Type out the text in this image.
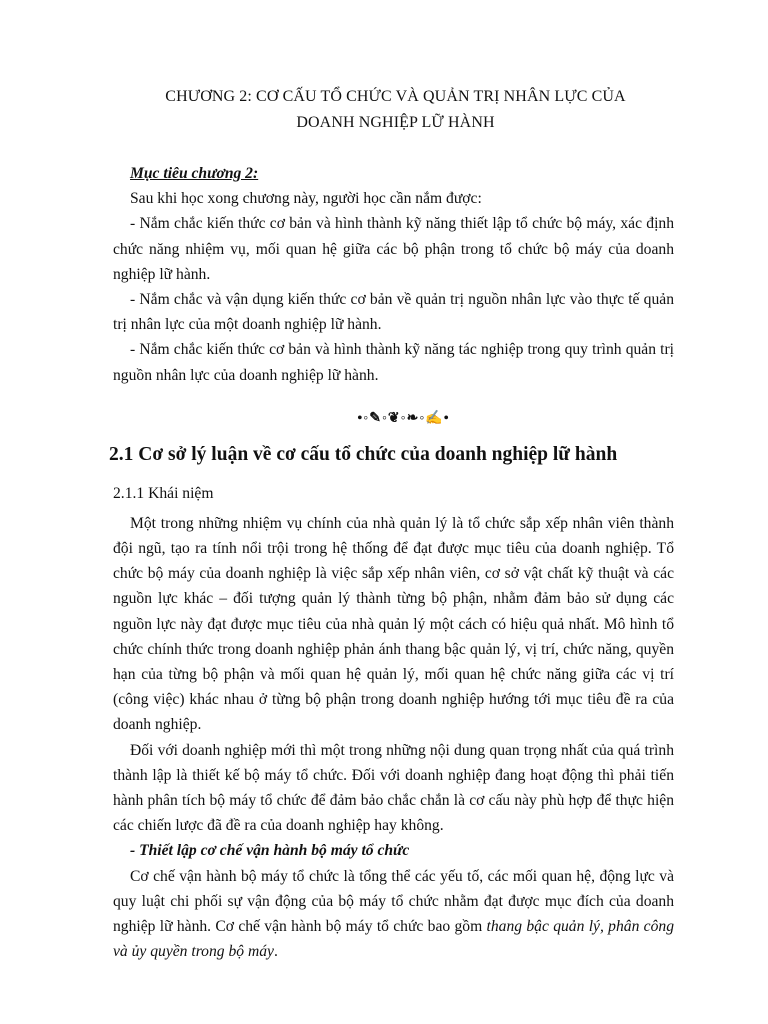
CHƯƠNG 2: CƠ CẤU TỔ CHỨC VÀ QUẢN TRỊ NHÂN LỰC CỦA
DOANH NGHIỆP LỮ HÀNH

Mục tiêu chương 2:

Sau khi học xong chương này, người học cần nắm được:

- Nắm chắc kiến thức cơ bản và hình thành kỹ năng thiết lập tổ chức bộ máy, xác định chức năng nhiệm vụ, mối quan hệ giữa các bộ phận trong tổ chức bộ máy của doanh nghiệp lữ hành.

- Nắm chắc và vận dụng kiến thức cơ bản về quản trị nguồn nhân lực vào thực tế quản trị nhân lực của một doanh nghiệp lữ hành.

- Nắm chắc kiến thức cơ bản và hình thành kỹ năng tác nghiệp trong quy trình quản trị nguồn nhân lực của doanh nghiệp lữ hành.

•◦✎◦❦◦❧◦✍•
2.1 Cơ sở lý luận về cơ cấu tổ chức của doanh nghiệp lữ hành
2.1.1 Khái niệm

Một trong những nhiệm vụ chính của nhà quản lý là tổ chức sắp xếp nhân viên thành đội ngũ, tạo ra tính nổi trội trong hệ thống để đạt được mục tiêu của doanh nghiệp. Tổ chức bộ máy của doanh nghiệp là việc sắp xếp nhân viên, cơ sở vật chất kỹ thuật và các nguồn lực khác – đối tượng quản lý thành từng bộ phận, nhằm đảm bảo sử dụng các nguồn lực này đạt được mục tiêu của nhà quản lý một cách có hiệu quả nhất. Mô hình tổ chức chính thức trong doanh nghiệp phản ánh thang bậc quản lý, vị trí, chức năng, quyền hạn của từng bộ phận và mối quan hệ quản lý, mối quan hệ chức năng giữa các vị trí (công việc) khác nhau ở từng bộ phận trong doanh nghiệp hướng tới mục tiêu đề ra của doanh nghiệp.

Đối với doanh nghiệp mới thì một trong những nội dung quan trọng nhất của quá trình thành lập là thiết kế bộ máy tổ chức. Đối với doanh nghiệp đang hoạt động thì phải tiến hành phân tích bộ máy tổ chức để đảm bảo chắc chắn là cơ cấu này phù hợp để thực hiện các chiến lược đã đề ra của doanh nghiệp hay không.

- Thiết lập cơ chế vận hành bộ máy tổ chức

Cơ chế vận hành bộ máy tổ chức là tổng thể các yếu tố, các mối quan hệ, động lực và quy luật chi phối sự vận động của bộ máy tổ chức nhằm đạt được mục đích của doanh nghiệp lữ hành. Cơ chế vận hành bộ máy tổ chức bao gồm thang bậc quản lý, phân công và ủy quyền trong bộ máy.
